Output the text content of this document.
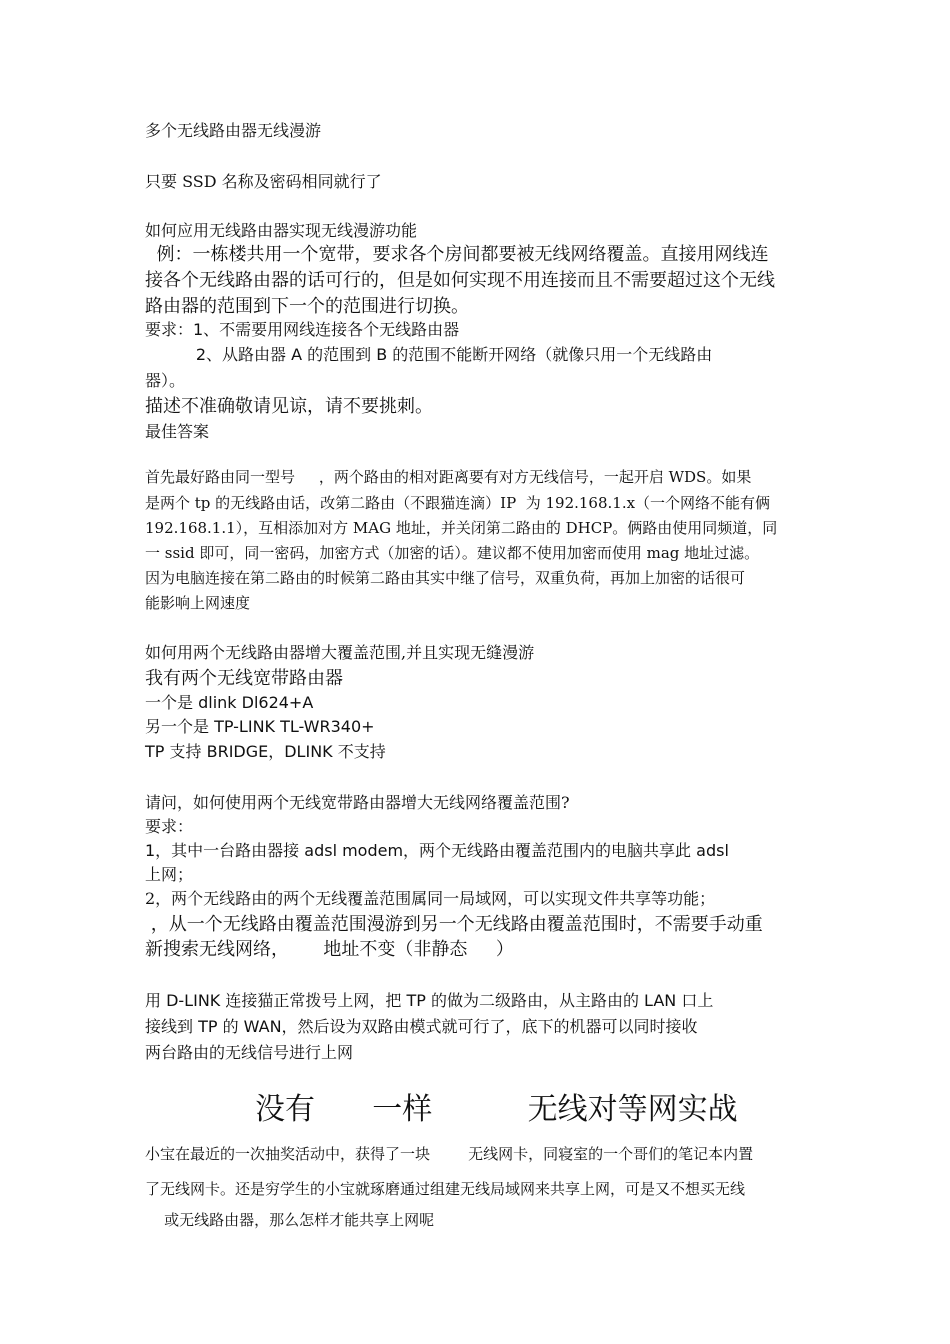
多个无线路由器无线漫游

只要 SSD 名称及密码相同就行了

如何应用无线路由器实现无线漫游功能

例：一栋楼共用一个宽带，要求各个房间都要被无线网络覆盖。直接用网线连

接各个无线路由器的话可行的，但是如何实现不用连接而且不需要超过这个无线

路由器的范围到下一个的范围进行切换。

要求：1、不需要用网线连接各个无线路由器

2、从路由器 A 的范围到 B 的范围不能断开网络（就像只用一个无线路由

器）。

描述不准确敬请见谅，请不要挑刺。

最佳答案

首先最好路由同一型号     ，两个路由的相对距离要有对方无线信号，一起开启 WDS。如果

是两个 tp 的无线路由话，改第二路由（不跟猫连滴）IP  为 192.168.1.x（一个网络不能有俩

192.168.1.1），互相添加对方 MAG 地址，并关闭第二路由的 DHCP。俩路由使用同频道，同

一 ssid 即可，同一密码，加密方式（加密的话）。建议都不使用加密而使用 mag 地址过滤。

因为电脑连接在第二路由的时候第二路由其实中继了信号，双重负荷，再加上加密的话很可

能影响上网速度

如何用两个无线路由器增大覆盖范围,并且实现无缝漫游

我有两个无线宽带路由器

一个是 dlink Dl624+A

另一个是 TP-LINK TL-WR340+

TP 支持 BRIDGE，DLINK 不支持

请问，如何使用两个无线宽带路由器增大无线网络覆盖范围?

要求：

1，其中一台路由器接 adsl modem，两个无线路由覆盖范围内的电脑共享此 adsl

上网；

2，两个无线路由的两个无线覆盖范围属同一局域网，可以实现文件共享等功能；

，从一个无线路由覆盖范围漫游到另一个无线路由覆盖范围时，不需要手动重

新搜索无线网络，      地址不变（非静态     ）

用 D-LINK 连接猫正常拨号上网，把 TP 的做为二级路由，从主路由的 LAN 口上

接线到 TP 的 WAN，然后设为双路由模式就可行了，底下的机器可以同时接收

两台路由的无线信号进行上网

没有      一样          无线对等网实战

小宝在最近的一次抽奖活动中，获得了一块        无线网卡，同寝室的一个哥们的笔记本内置

了无线网卡。还是穷学生的小宝就琢磨通过组建无线局域网来共享上网，可是又不想买无线

或无线路由器，那么怎样才能共享上网呢
